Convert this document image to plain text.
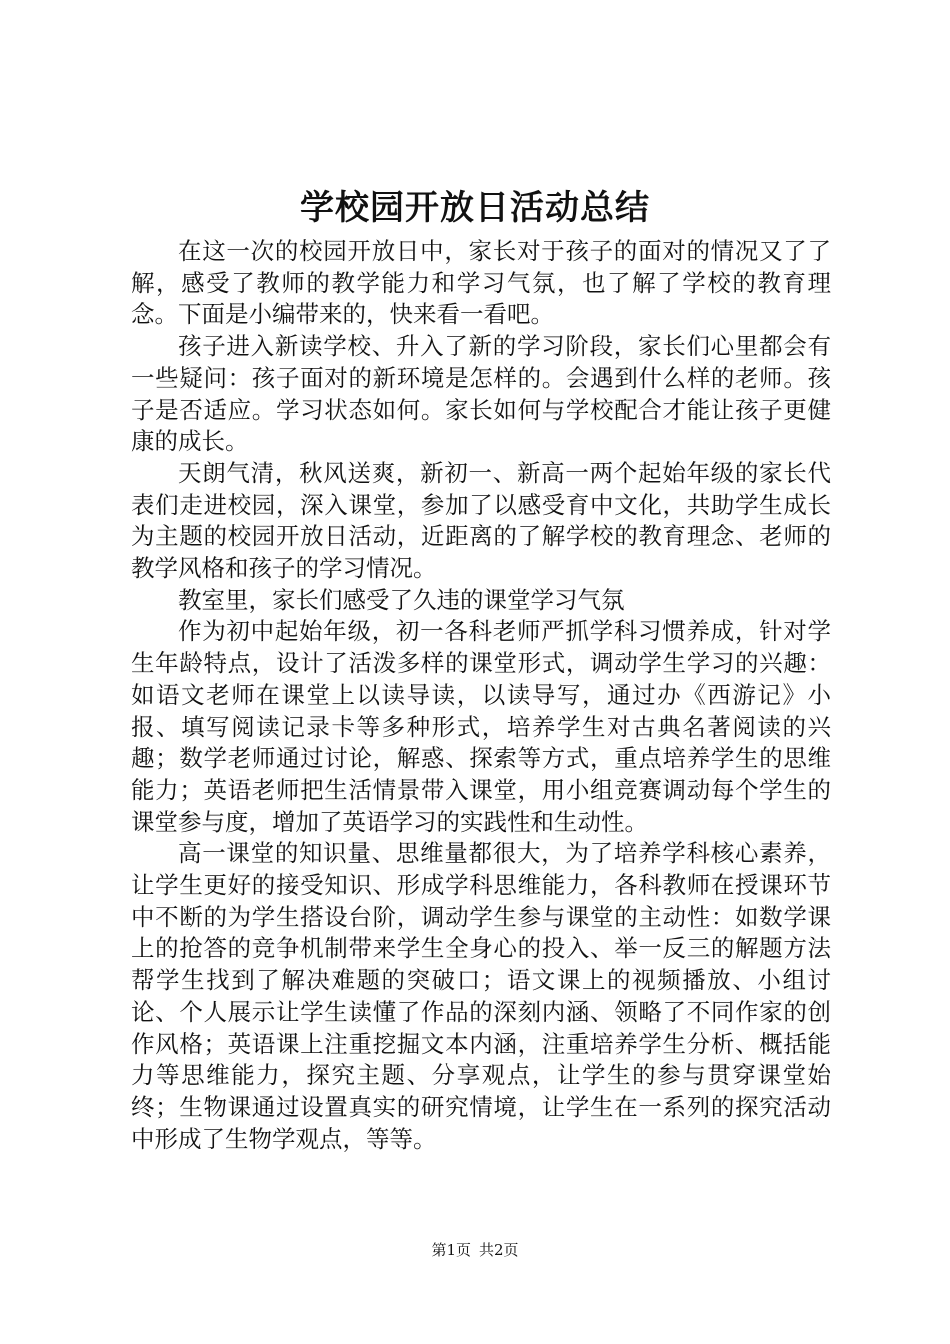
学校园开放日活动总结

在这一次的校园开放日中，家长对于孩子的面对的情况又了了解，感受了教师的教学能力和学习气氛，也了解了学校的教育理念。下面是小编带来的，快来看一看吧。

孩子进入新读学校、升入了新的学习阶段，家长们心里都会有一些疑问：孩子面对的新环境是怎样的。会遇到什么样的老师。孩子是否适应。学习状态如何。家长如何与学校配合才能让孩子更健康的成长。

天朗气清，秋风送爽，新初一、新高一两个起始年级的家长代表们走进校园，深入课堂，参加了以感受育中文化，共助学生成长为主题的校园开放日活动，近距离的了解学校的教育理念、老师的教学风格和孩子的学习情况。

教室里，家长们感受了久违的课堂学习气氛

作为初中起始年级，初一各科老师严抓学科习惯养成，针对学生年龄特点，设计了活泼多样的课堂形式，调动学生学习的兴趣：如语文老师在课堂上以读导读，以读导写，通过办《西游记》小报、填写阅读记录卡等多种形式，培养学生对古典名著阅读的兴趣；数学老师通过讨论，解惑、探索等方式，重点培养学生的思维能力；英语老师把生活情景带入课堂，用小组竞赛调动每个学生的课堂参与度，增加了英语学习的实践性和生动性。

高一课堂的知识量、思维量都很大，为了培养学科核心素养，让学生更好的接受知识、形成学科思维能力，各科教师在授课环节中不断的为学生搭设台阶，调动学生参与课堂的主动性：如数学课上的抢答的竞争机制带来学生全身心的投入、举一反三的解题方法帮学生找到了解决难题的突破口；语文课上的视频播放、小组讨论、个人展示让学生读懂了作品的深刻内涵、领略了不同作家的创作风格；英语课上注重挖掘文本内涵，注重培养学生分析、概括能力等思维能力，探究主题、分享观点，让学生的参与贯穿课堂始终；生物课通过设置真实的研究情境，让学生在一系列的探究活动中形成了生物学观点，等等。

第1页 共2页
